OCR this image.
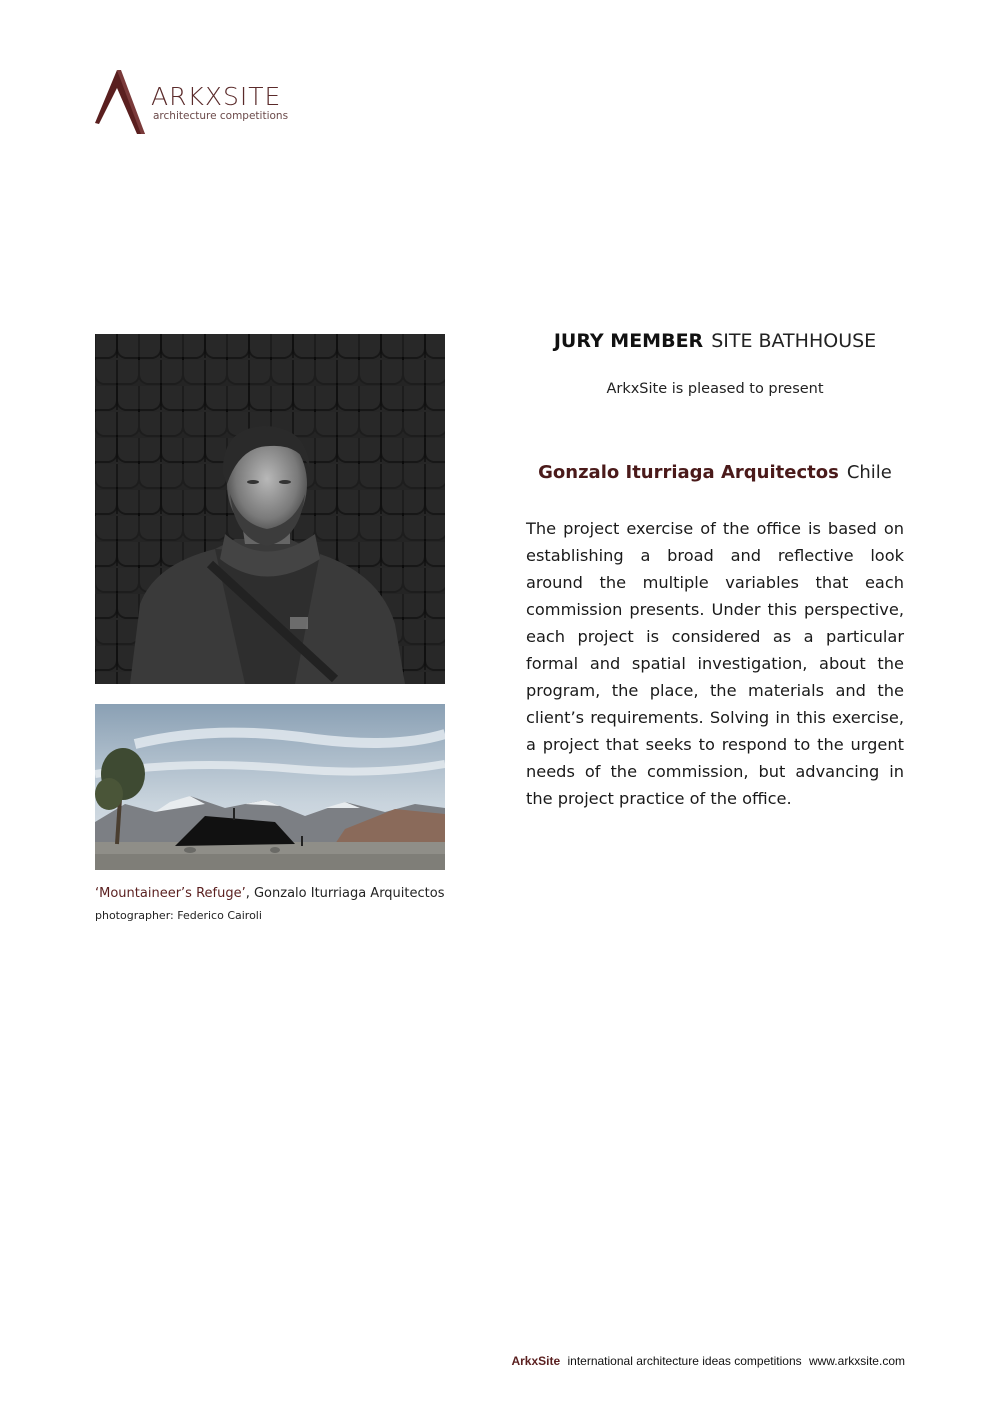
ARKXSITE
architecture competitions
‘Mountaineer’s Refuge’, Gonzalo Iturriaga Arquitectos
photographer: Federico Cairoli
JURY MEMBER SITE BATHHOUSE
ArkxSite is pleased to present
Gonzalo Iturriaga Arquitectos Chile
The project exercise of the office is based on establishing a broad and reflective look around the multiple variables that each commission presents. Under this perspective, each project is considered as a particular formal and spatial investigation, about the program, the place, the materials and the client’s requirements. Solving in this exercise, a project that seeks to respond to the urgent needs of the commission, but advancing in the project practice of the office.
ArkxSite international architecture ideas competitions www.arkxsite.com
